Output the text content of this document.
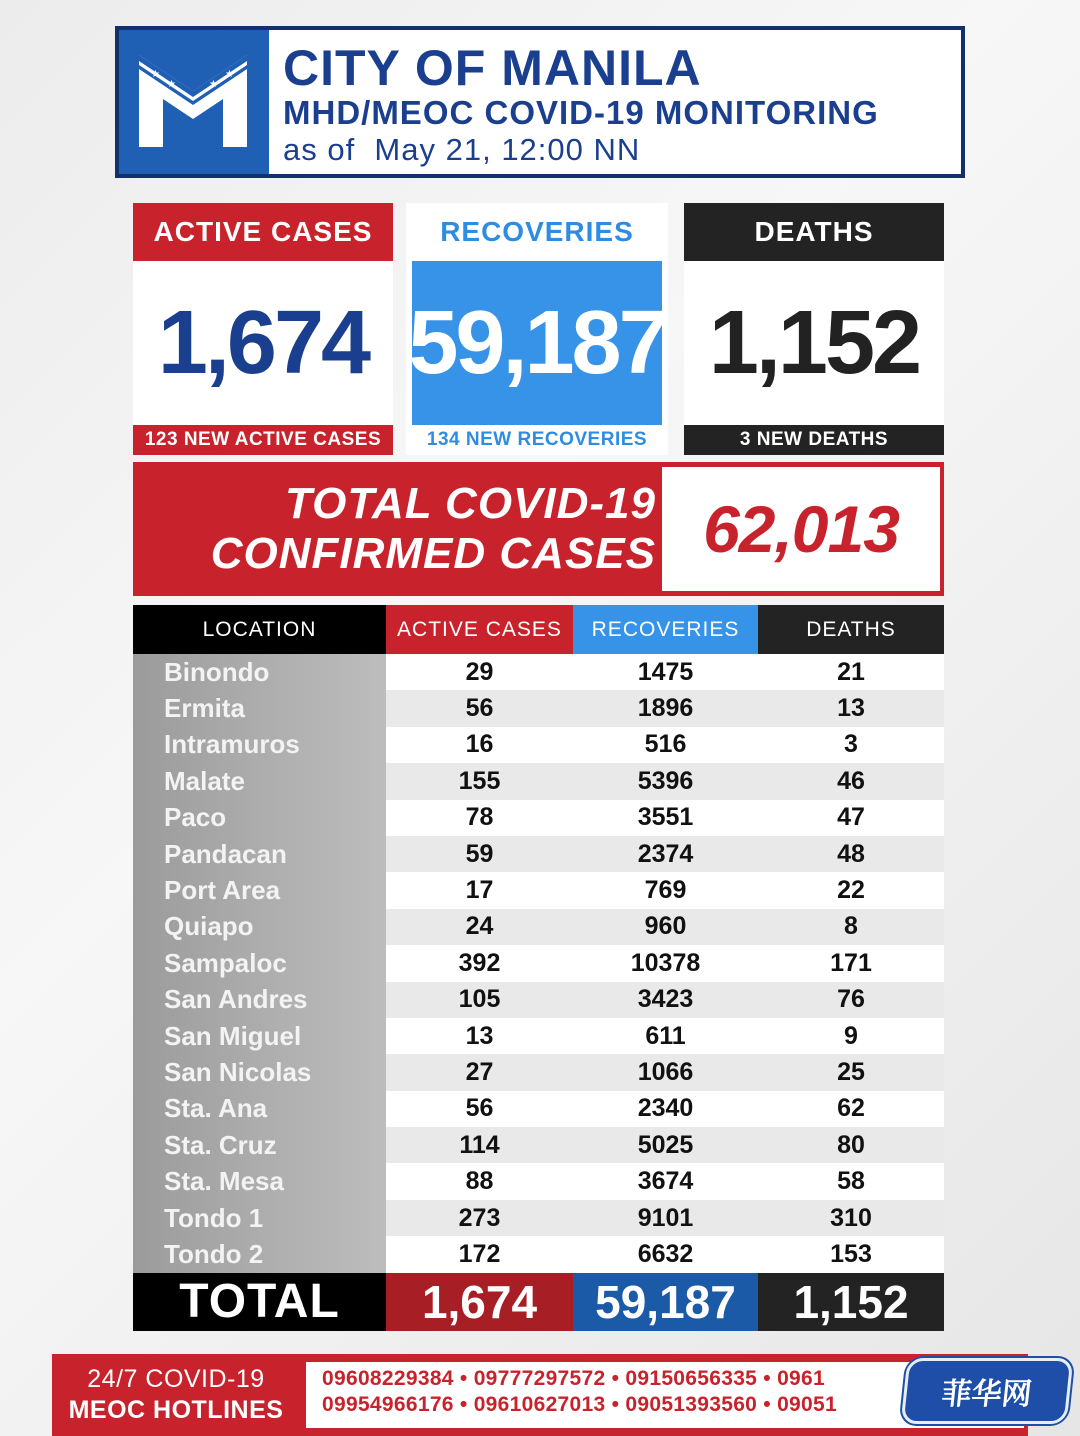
★
★	★
★ CITY OF MANILA
MHD/MEOC COVID-19 MONITORING
as of  May 21, 12:00 NN
ACTIVE CASES
1,674
123 NEW ACTIVE CASES
RECOVERIES
59,187
134 NEW RECOVERIES
DEATHS
1,152
3 NEW DEATHS
TOTAL COVID-19
CONFIRMED CASES 62,013
LOCATION	ACTIVE CASES	RECOVERIES	DEATHS
Binondo	29	1475	21
Ermita	56	1896	13
Intramuros	16	516	3
Malate	155	5396	46
Paco	78	3551	47
Pandacan	59	2374	48
Port Area	17	769	22
Quiapo	24	960	8
Sampaloc	392	10378	171
San Andres	105	3423	76
San Miguel	13	611	9
San Nicolas	27	1066	25
Sta. Ana	56	2340	62
Sta. Cruz	114	5025	80
Sta. Mesa	88	3674	58
Tondo 1	273	9101	310
Tondo 2	172	6632	153
TOTAL	1,674	59,187	1,152
24/7 COVID-19
MEOC HOTLINES
09608229384 • 09777297572 • 09150656335 • 0961
09954966176 • 09610627013 • 09051393560 • 09051	菲华网
